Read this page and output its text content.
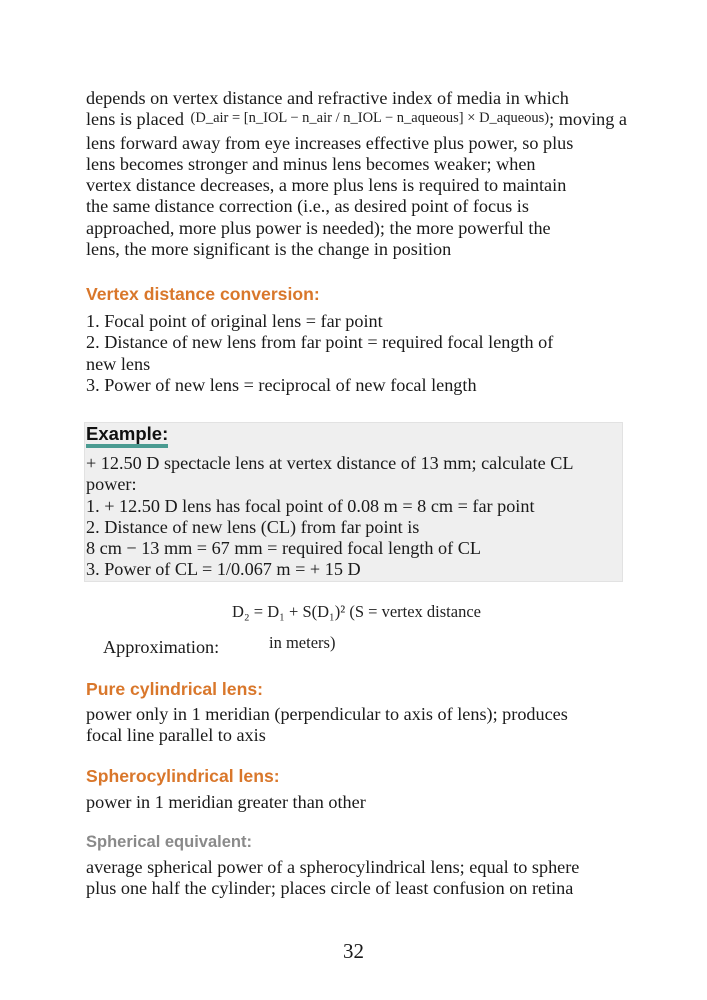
depends on vertex distance and refractive index of media in which
lens is placed (D_air = [n_IOL − n_air / n_IOL − n_aqueous] × D_aqueous); moving a
lens forward away from eye increases effective plus power, so plus
lens becomes stronger and minus lens becomes weaker; when
vertex distance decreases, a more plus lens is required to maintain
the same distance correction (i.e., as desired point of focus is
approached, more plus power is needed); the more powerful the
lens, the more significant is the change in position
Vertex distance conversion:
1. Focal point of original lens = far point
2. Distance of new lens from far point = required focal length of
new lens
3. Power of new lens = reciprocal of new focal length
Example:
+ 12.50 D spectacle lens at vertex distance of 13 mm; calculate CL
power:
1. + 12.50 D lens has focal point of 0.08 m = 8 cm = far point
2. Distance of new lens (CL) from far point is
8 cm − 13 mm = 67 mm = required focal length of CL
3. Power of CL = 1/0.067 m = + 15 D
D₂ = D₁ + S(D₁)² (S = vertex distance
Approximation:	in meters)
Pure cylindrical lens:
power only in 1 meridian (perpendicular to axis of lens); produces
focal line parallel to axis
Spherocylindrical lens:
power in 1 meridian greater than other
Spherical equivalent:
average spherical power of a spherocylindrical lens; equal to sphere
plus one half the cylinder; places circle of least confusion on retina
32
